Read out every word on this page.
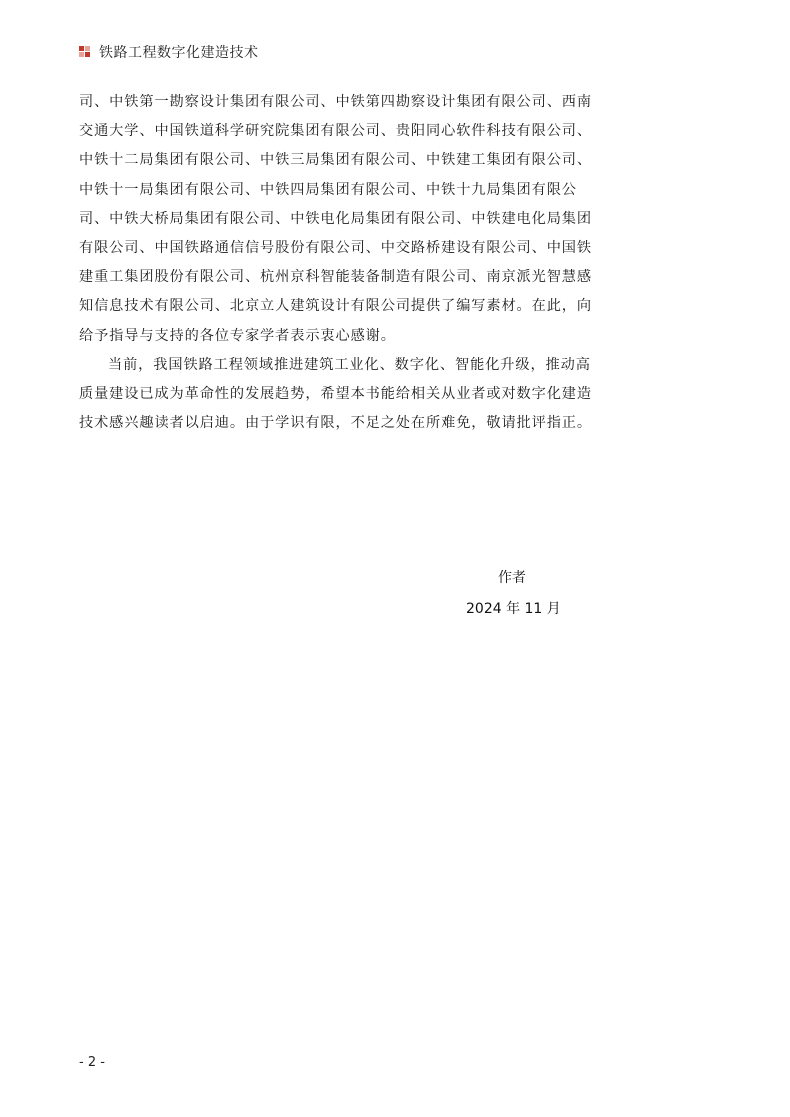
铁路工程数字化建造技术

司、中铁第一勘察设计集团有限公司、中铁第四勘察设计集团有限公司、西南交通大学、中国铁道科学研究院集团有限公司、贵阳同心软件科技有限公司、中铁十二局集团有限公司、中铁三局集团有限公司、中铁建工集团有限公司、中铁十一局集团有限公司、中铁四局集团有限公司、中铁十九局集团有限公司、中铁大桥局集团有限公司、中铁电化局集团有限公司、中铁建电化局集团有限公司、中国铁路通信信号股份有限公司、中交路桥建设有限公司、中国铁建重工集团股份有限公司、杭州京科智能装备制造有限公司、南京派光智慧感知信息技术有限公司、北京立人建筑设计有限公司提供了编写素材。在此，向给予指导与支持的各位专家学者表示衷心感谢。

当前，我国铁路工程领域推进建筑工业化、数字化、智能化升级，推动高质量建设已成为革命性的发展趋势，希望本书能给相关从业者或对数字化建造技术感兴趣读者以启迪。由于学识有限，不足之处在所难免，敬请批评指正。

作者
2024 年 11 月
- 2 -
